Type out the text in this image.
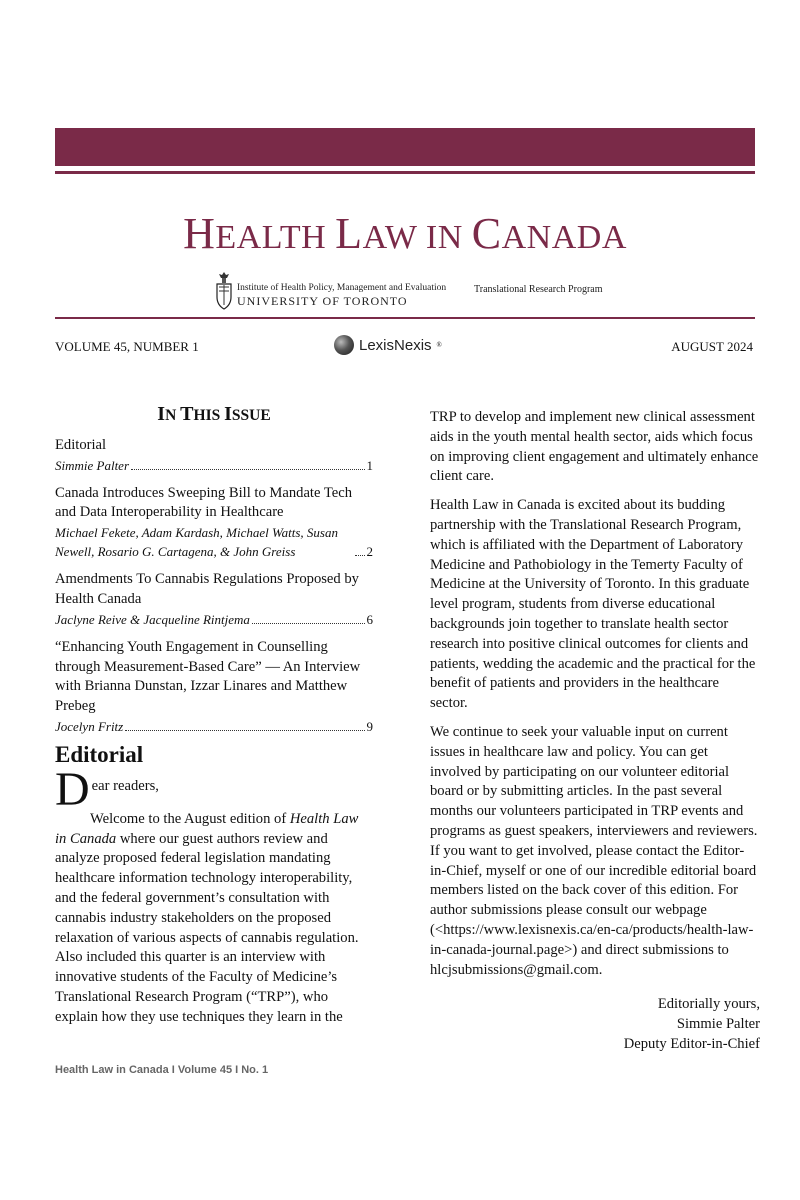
HEALTH LAW IN CANADA
Institute of Health Policy, Management and Evaluation
UNIVERSITY OF TORONTO
Translational Research Program
VOLUME 45, NUMBER 1	LexisNexis ®	AUGUST 2024
IN THIS ISSUE
Editorial
Simmie Palter	1
Canada Introduces Sweeping Bill to Mandate Tech and Data Interoperability in Healthcare
Michael Fekete, Adam Kardash, Michael Watts, Susan Newell, Rosario G. Cartagena, & John Greiss	2
Amendments To Cannabis Regulations Proposed by Health Canada
Jaclyne Reive & Jacqueline Rintjema	6
“Enhancing Youth Engagement in Counselling through Measurement-Based Care” — An Interview with Brianna Dunstan, Izzar Linares and Matthew Prebeg
Jocelyn Fritz	9
Editorial
D ear readers,

Welcome to the August edition of Health Law in Canada where our guest authors review and analyze proposed federal legislation mandating healthcare information technology interoperability, and the federal government’s consultation with cannabis industry stakeholders on the proposed relaxation of various aspects of cannabis regulation. Also included this quarter is an interview with innovative students of the Faculty of Medicine’s Translational Research Program (“TRP”), who explain how they use techniques they learn in the

TRP to develop and implement new clinical assessment aids in the youth mental health sector, aids which focus on improving client engagement and ultimately enhance client care.

Health Law in Canada is excited about its budding partnership with the Translational Research Program, which is affiliated with the Department of Laboratory Medicine and Pathobiology in the Temerty Faculty of Medicine at the University of Toronto. In this graduate level program, students from diverse educational backgrounds join together to translate health sector research into positive clinical outcomes for clients and patients, wedding the academic and the practical for the benefit of patients and providers in the healthcare sector.

We continue to seek your valuable input on current issues in healthcare law and policy. You can get involved by participating on our volunteer editorial board or by submitting articles. In the past several months our volunteers participated in TRP events and programs as guest speakers, interviewers and reviewers. If you want to get involved, please contact the Editor-in-Chief, myself or one of our incredible editorial board members listed on the back cover of this edition. For author submissions please consult our webpage (<https://www.lexisnexis.ca/en-ca/products/health-law-in-canada-journal.page>) and direct submissions to hlcjsubmissions@gmail.com.

Editorially yours,
Simmie Palter
Deputy Editor-in-Chief
Health Law in Canada I Volume 45 I No. 1
